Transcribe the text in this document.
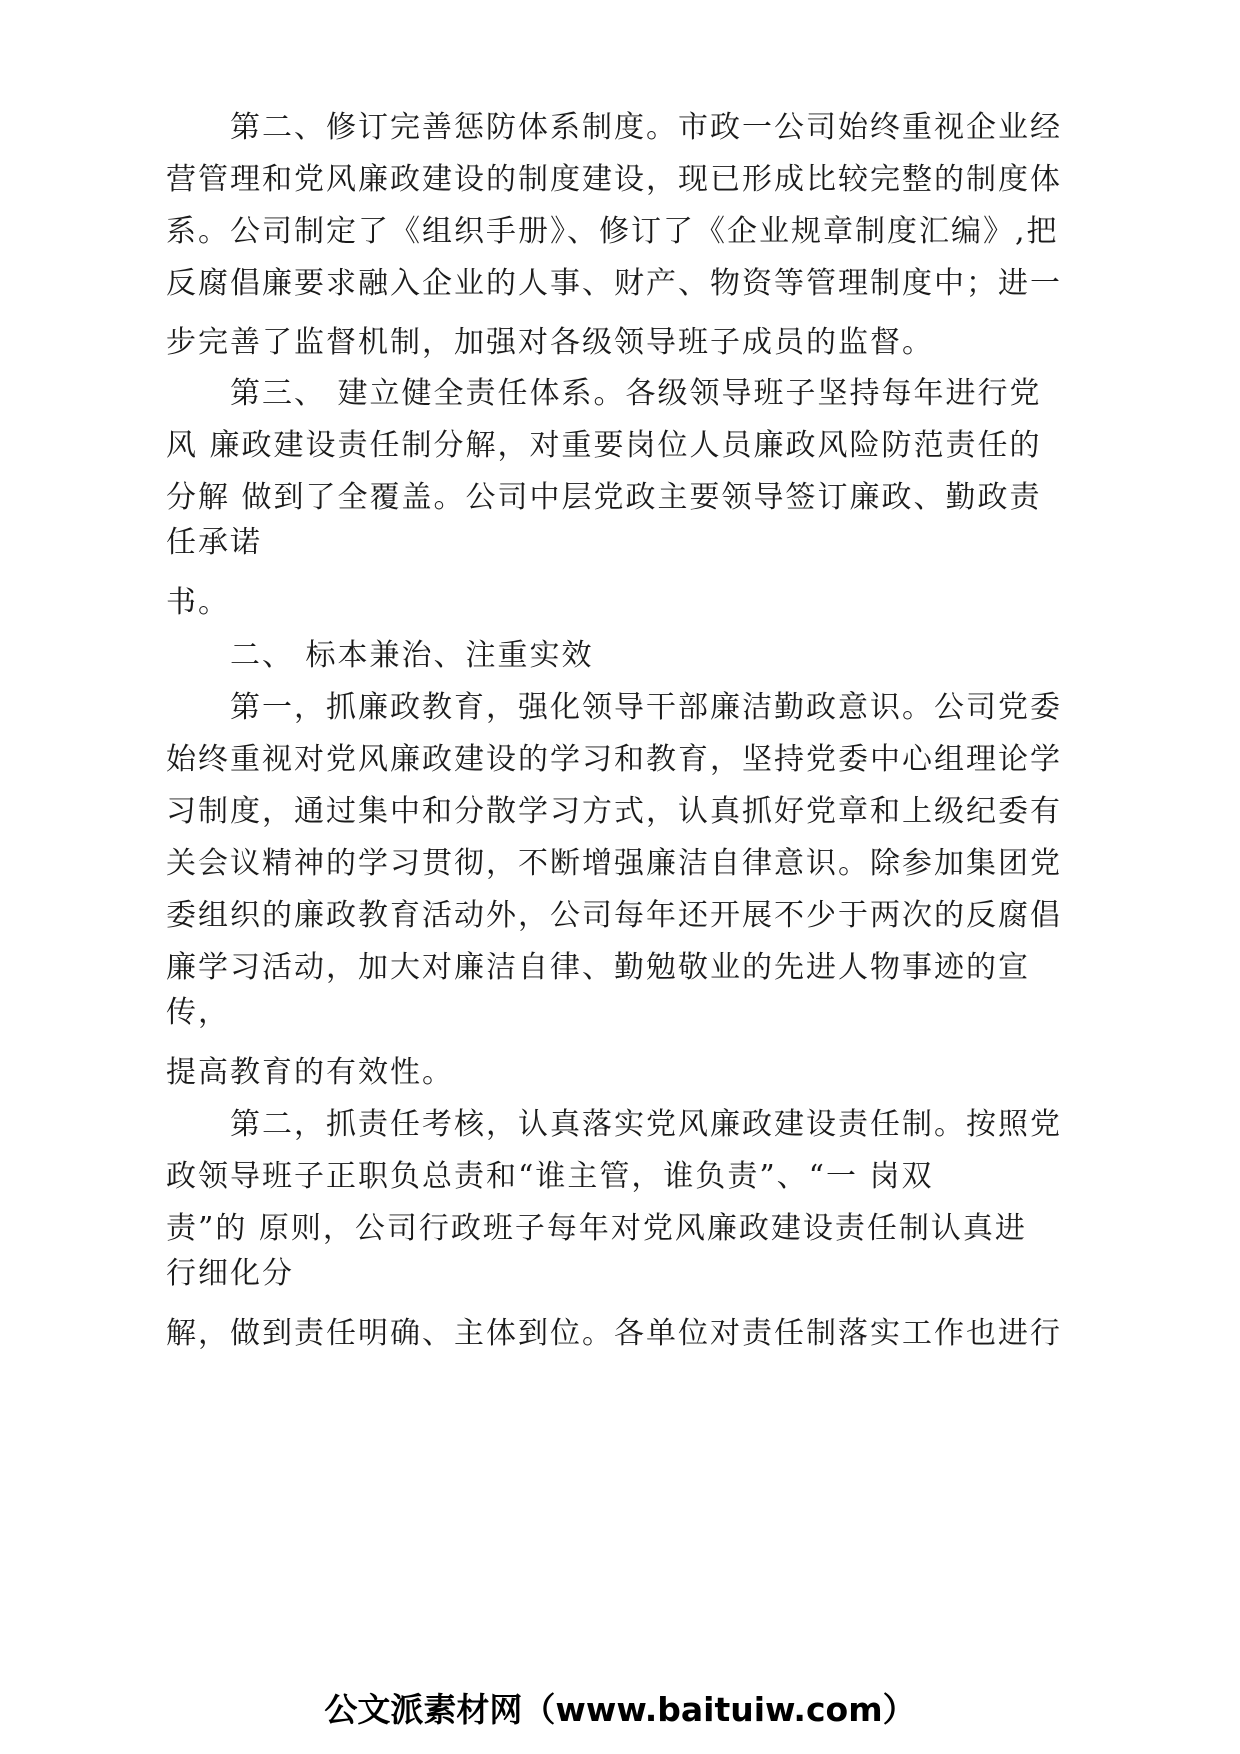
　　第二、修订完善惩防体系制度。市政一公司始终重视企业经
营管理和党风廉政建设的制度建设，现已形成比较完整的制度体
系。公司制定了《组织手册》、修订了《企业规章制度汇编》,把
反腐倡廉要求融入企业的人事、财产、物资等管理制度中；进一
步完善了监督机制，加强对各级领导班子成员的监督。
　　第三、 建立健全责任体系。各级领导班子坚持每年进行党
风 廉政建设责任制分解，对重要岗位人员廉政风险防范责任的
分解 做到了全覆盖。公司中层党政主要领导签订廉政、勤政责
任承诺
书。
　　二、 标本兼治、注重实效
　　第一，抓廉政教育，强化领导干部廉洁勤政意识。公司党委
始终重视对党风廉政建设的学习和教育，坚持党委中心组理论学
习制度，通过集中和分散学习方式，认真抓好党章和上级纪委有
关会议精神的学习贯彻，不断增强廉洁自律意识。除参加集团党
委组织的廉政教育活动外，公司每年还开展不少于两次的反腐倡
廉学习活动，加大对廉洁自律、勤勉敬业的先进人物事迹的宣
传，
提高教育的有效性。
　　第二，抓责任考核，认真落实党风廉政建设责任制。按照党
政领导班子正职负总责和“谁主管，谁负责”、“一 岗双
责”的 原则，公司行政班子每年对党风廉政建设责任制认真进
行细化分
解，做到责任明确、主体到位。各单位对责任制落实工作也进行
公文派素材网（www.baituiw.com）
